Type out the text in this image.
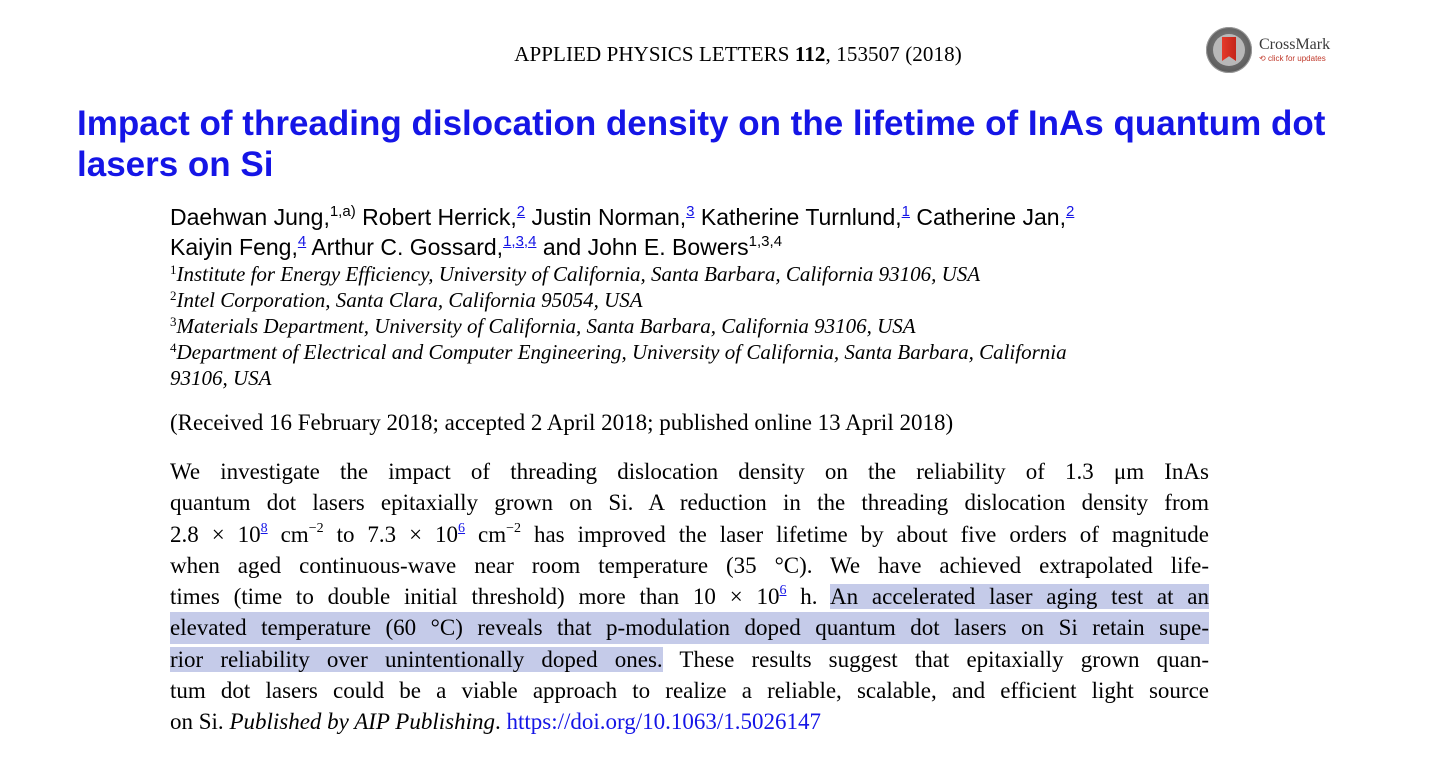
APPLIED PHYSICS LETTERS 112, 153507 (2018)	CrossMark
⟲ click for updates
Impact of threading dislocation density on the lifetime of InAs quantum dot
lasers on Si
Daehwan Jung,$^{1,a)}$ Robert Herrick,$^2$ Justin Norman,$^3$ Katherine Turnlund,$^1$ Catherine Jan,$^2$
Kaiyin Feng,$^4$ Arthur C. Gossard,$^{1,3,4}$ and John E. Bowers$^{1,3,4}$
$^1$Institute for Energy Efficiency, University of California, Santa Barbara, California 93106, USA
$^2$Intel Corporation, Santa Clara, California 95054, USA
$^3$Materials Department, University of California, Santa Barbara, California 93106, USA
$^4$Department of Electrical and Computer Engineering, University of California, Santa Barbara, California
93106, USA
(Received 16 February 2018; accepted 2 April 2018; published online 13 April 2018)
We investigate the impact of threading dislocation density on the reliability of 1.3 μm InAs
quantum dot lasers epitaxially grown on Si. A reduction in the threading dislocation density from
$2.8 \times 10^8$ $cm^{-2}$ to $7.3 \times 10^6$ $cm^{-2}$ has improved the laser lifetime by about five orders of magnitude
when aged continuous-wave near room temperature (35 °C). We have achieved extrapolated life-
times (time to double initial threshold) more than $10 \times 10^6$ h. An accelerated laser aging test at an
elevated temperature (60 °C) reveals that p-modulation doped quantum dot lasers on Si retain supe-
rior reliability over unintentionally doped ones. These results suggest that epitaxially grown quan-
tum dot lasers could be a viable approach to realize a reliable, scalable, and efficient light source
on Si. Published by AIP Publishing. https://doi.org/10.1063/1.5026147
